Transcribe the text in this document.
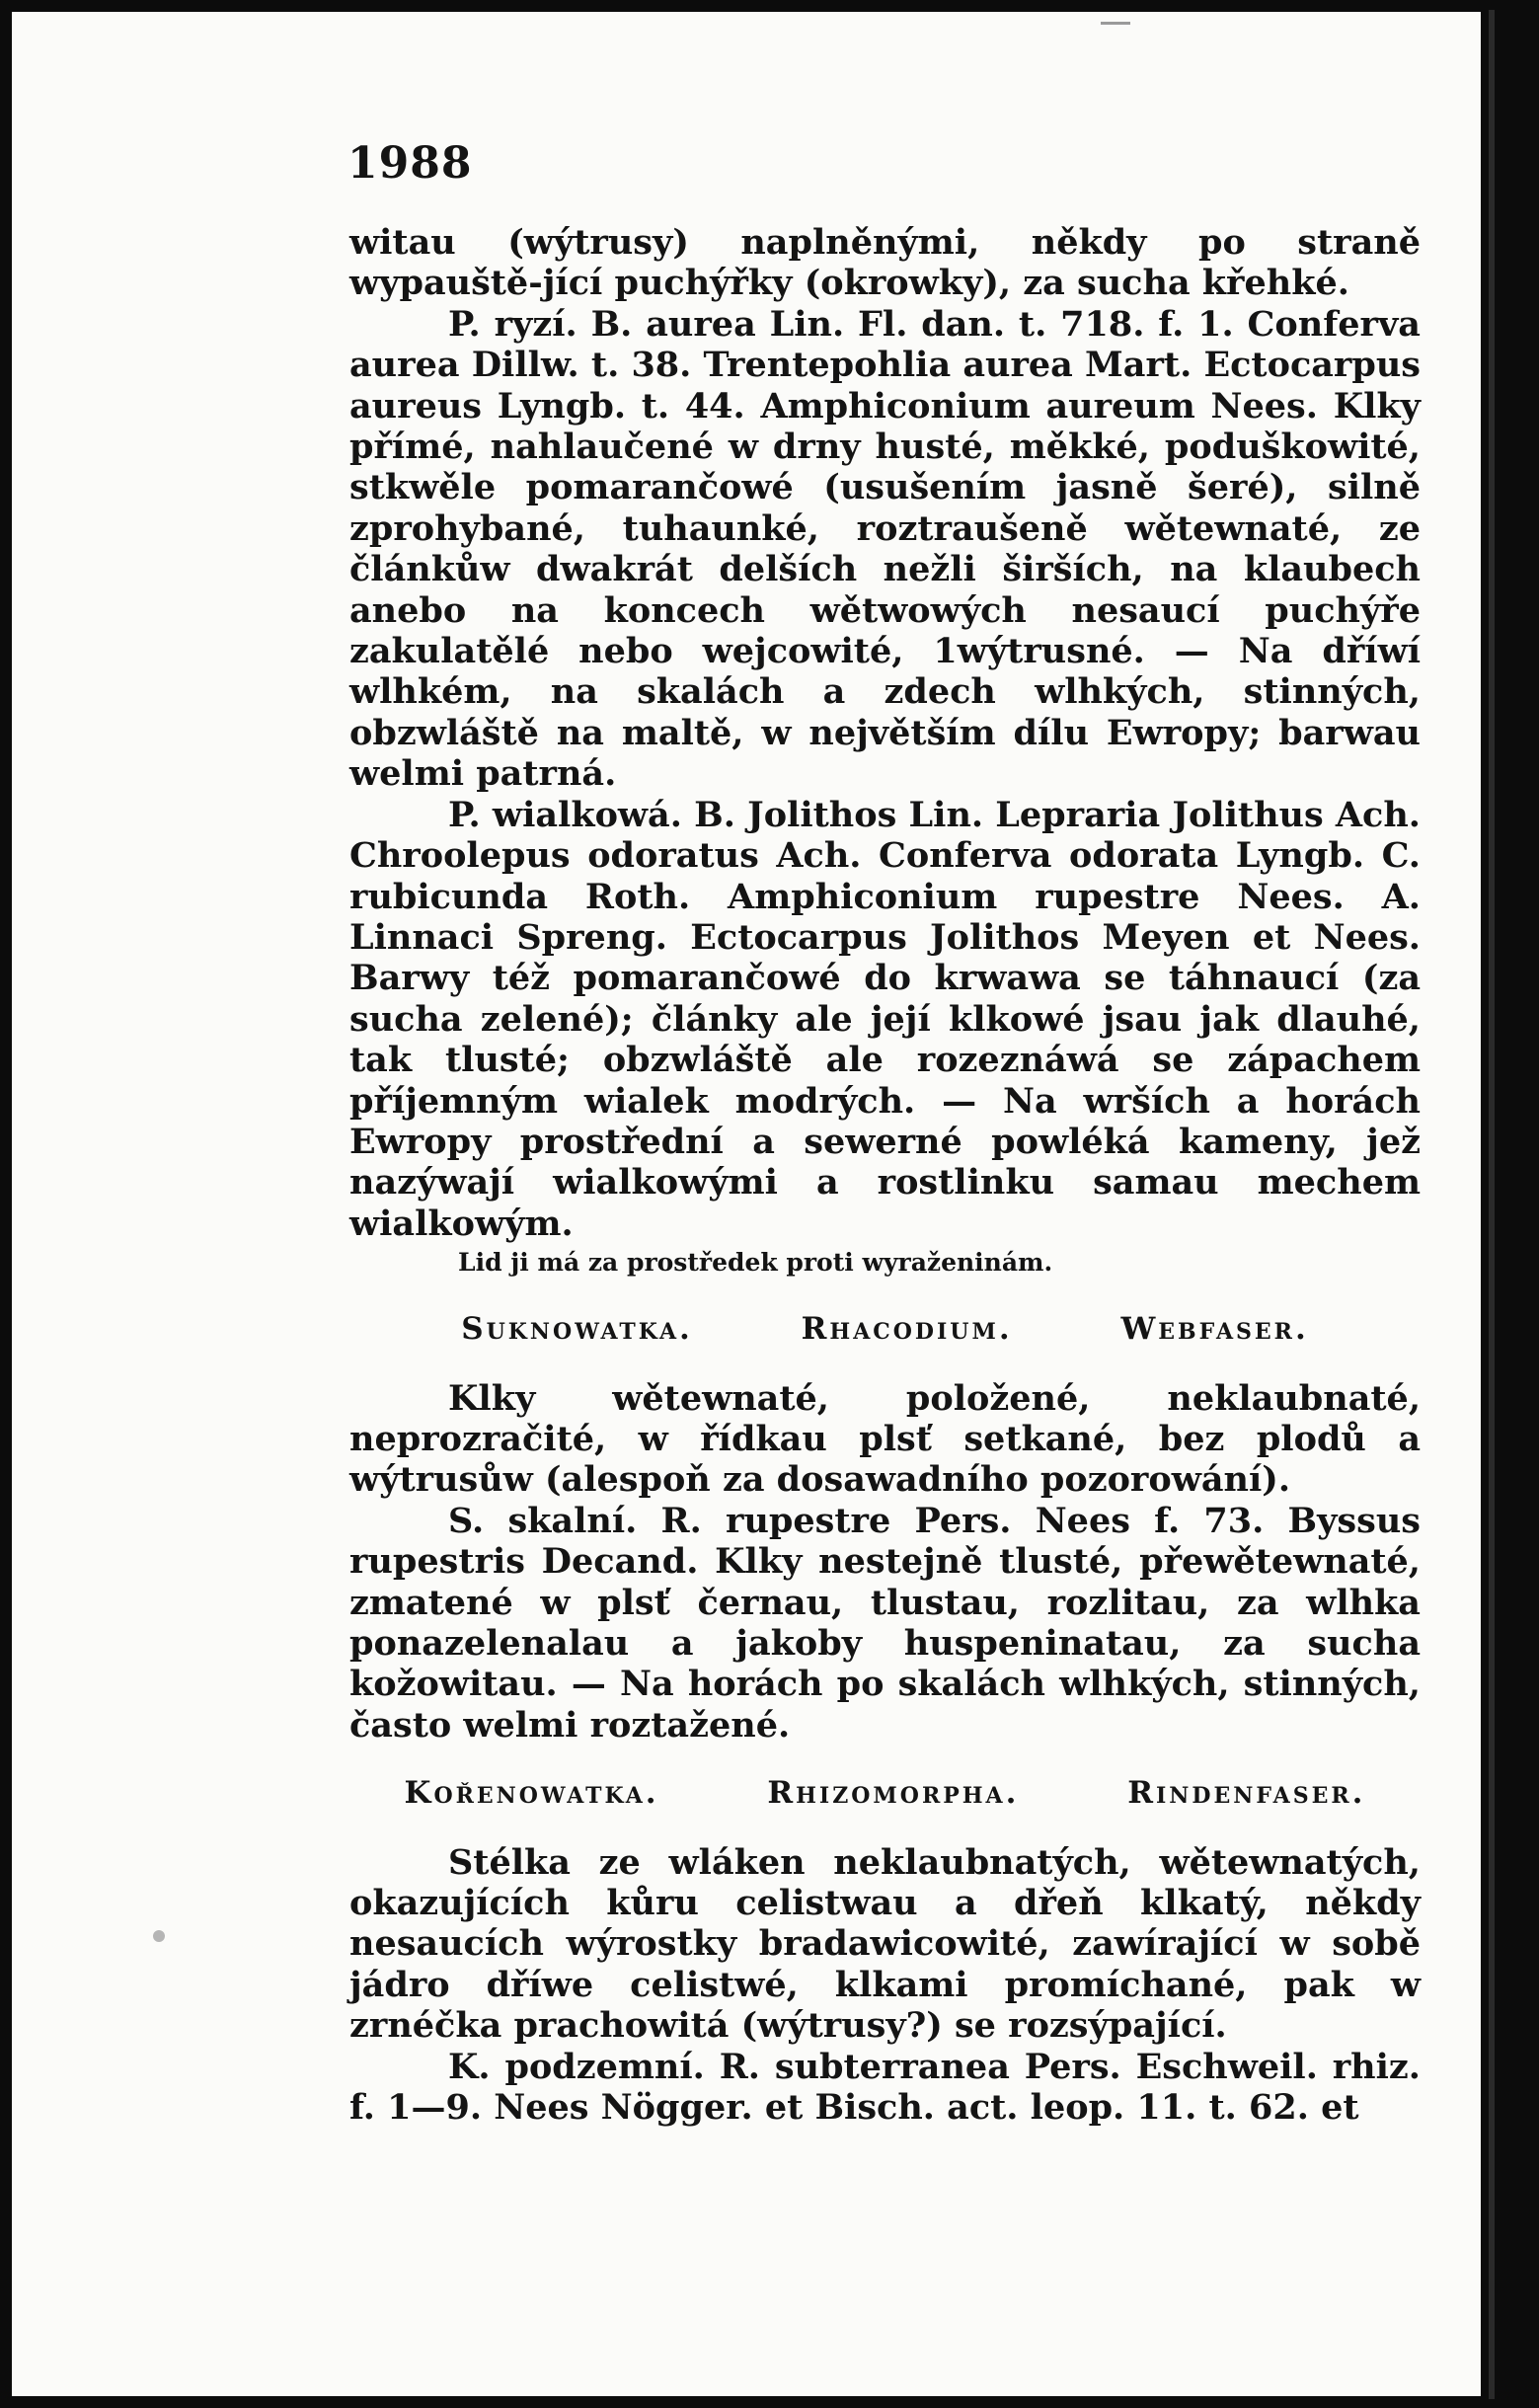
1988

witau (wýtrusy) naplněnými, někdy po straně wypauště-jící puchýřky (okrowky), za sucha křehké.

P. ryzí. B. aurea Lin. Fl. dan. t. 718. f. 1. Conferva aurea Dillw. t. 38. Trentepohlia aurea Mart. Ectocarpus aureus Lyngb. t. 44. Amphiconium aureum Nees. Klky přímé, nahlaučené w drny husté, měkké, poduškowité, stkwěle pomarančowé (usušením jasně šeré), silně zprohybané, tuhaunké, roztraušeně wětewnaté, ze článkůw dwakrát delších nežli širších, na klaubech anebo na koncech wětwowých nesaucí puchýře zakulatělé nebo wejcowité, 1wýtrusné. — Na dříwí wlhkém, na skalách a zdech wlhkých, stinných, obzwláště na maltě, w největším dílu Ewropy; barwau welmi patrná.

P. wialkowá. B. Jolithos Lin. Lepraria Jolithus Ach. Chroolepus odoratus Ach. Conferva odorata Lyngb. C. rubicunda Roth. Amphiconium rupestre Nees. A. Linnaci Spreng. Ectocarpus Jolithos Meyen et Nees. Barwy též pomarančowé do krwawa se táhnaucí (za sucha zelené); články ale její klkowé jsau jak dlauhé, tak tlusté; obzwláště ale rozeznáwá se zápachem příjemným wialek modrých. — Na wrších a horách Ewropy prostřední a sewerné powléká kameny, jež nazýwají wialkowými a rostlinku samau mechem wialkowým.

Lid ji má za prostředek proti wyraženinám.

Suknowatka.	Rhacodium.	Webfaser.

Klky wětewnaté, položené, neklaubnaté, neprozračité, w řídkau plsť setkané, bez plodů a wýtrusůw (alespoň za dosawadního pozorowání).

S. skalní. R. rupestre Pers. Nees f. 73. Byssus rupestris Decand. Klky nestejně tlusté, přewětewnaté, zmatené w plsť černau, tlustau, rozlitau, za wlhka ponazelenalau a jakoby huspeninatau, za sucha kožowitau. — Na horách po skalách wlhkých, stinných, často welmi roztažené.

Kořenowatka.	Rhizomorpha.	Rindenfaser.

Stélka ze wláken neklaubnatých, wětewnatých, okazujících kůru celistwau a dřeň klkatý, někdy nesaucích wýrostky bradawicowité, zawírající w sobě jádro dříwe celistwé, klkami promíchané, pak w zrnéčka prachowitá (wýtrusy?) se rozsýpající.

K. podzemní. R. subterranea Pers. Eschweil. rhiz. f. 1—9. Nees Nögger. et Bisch. act. leop. 11. t. 62. et
